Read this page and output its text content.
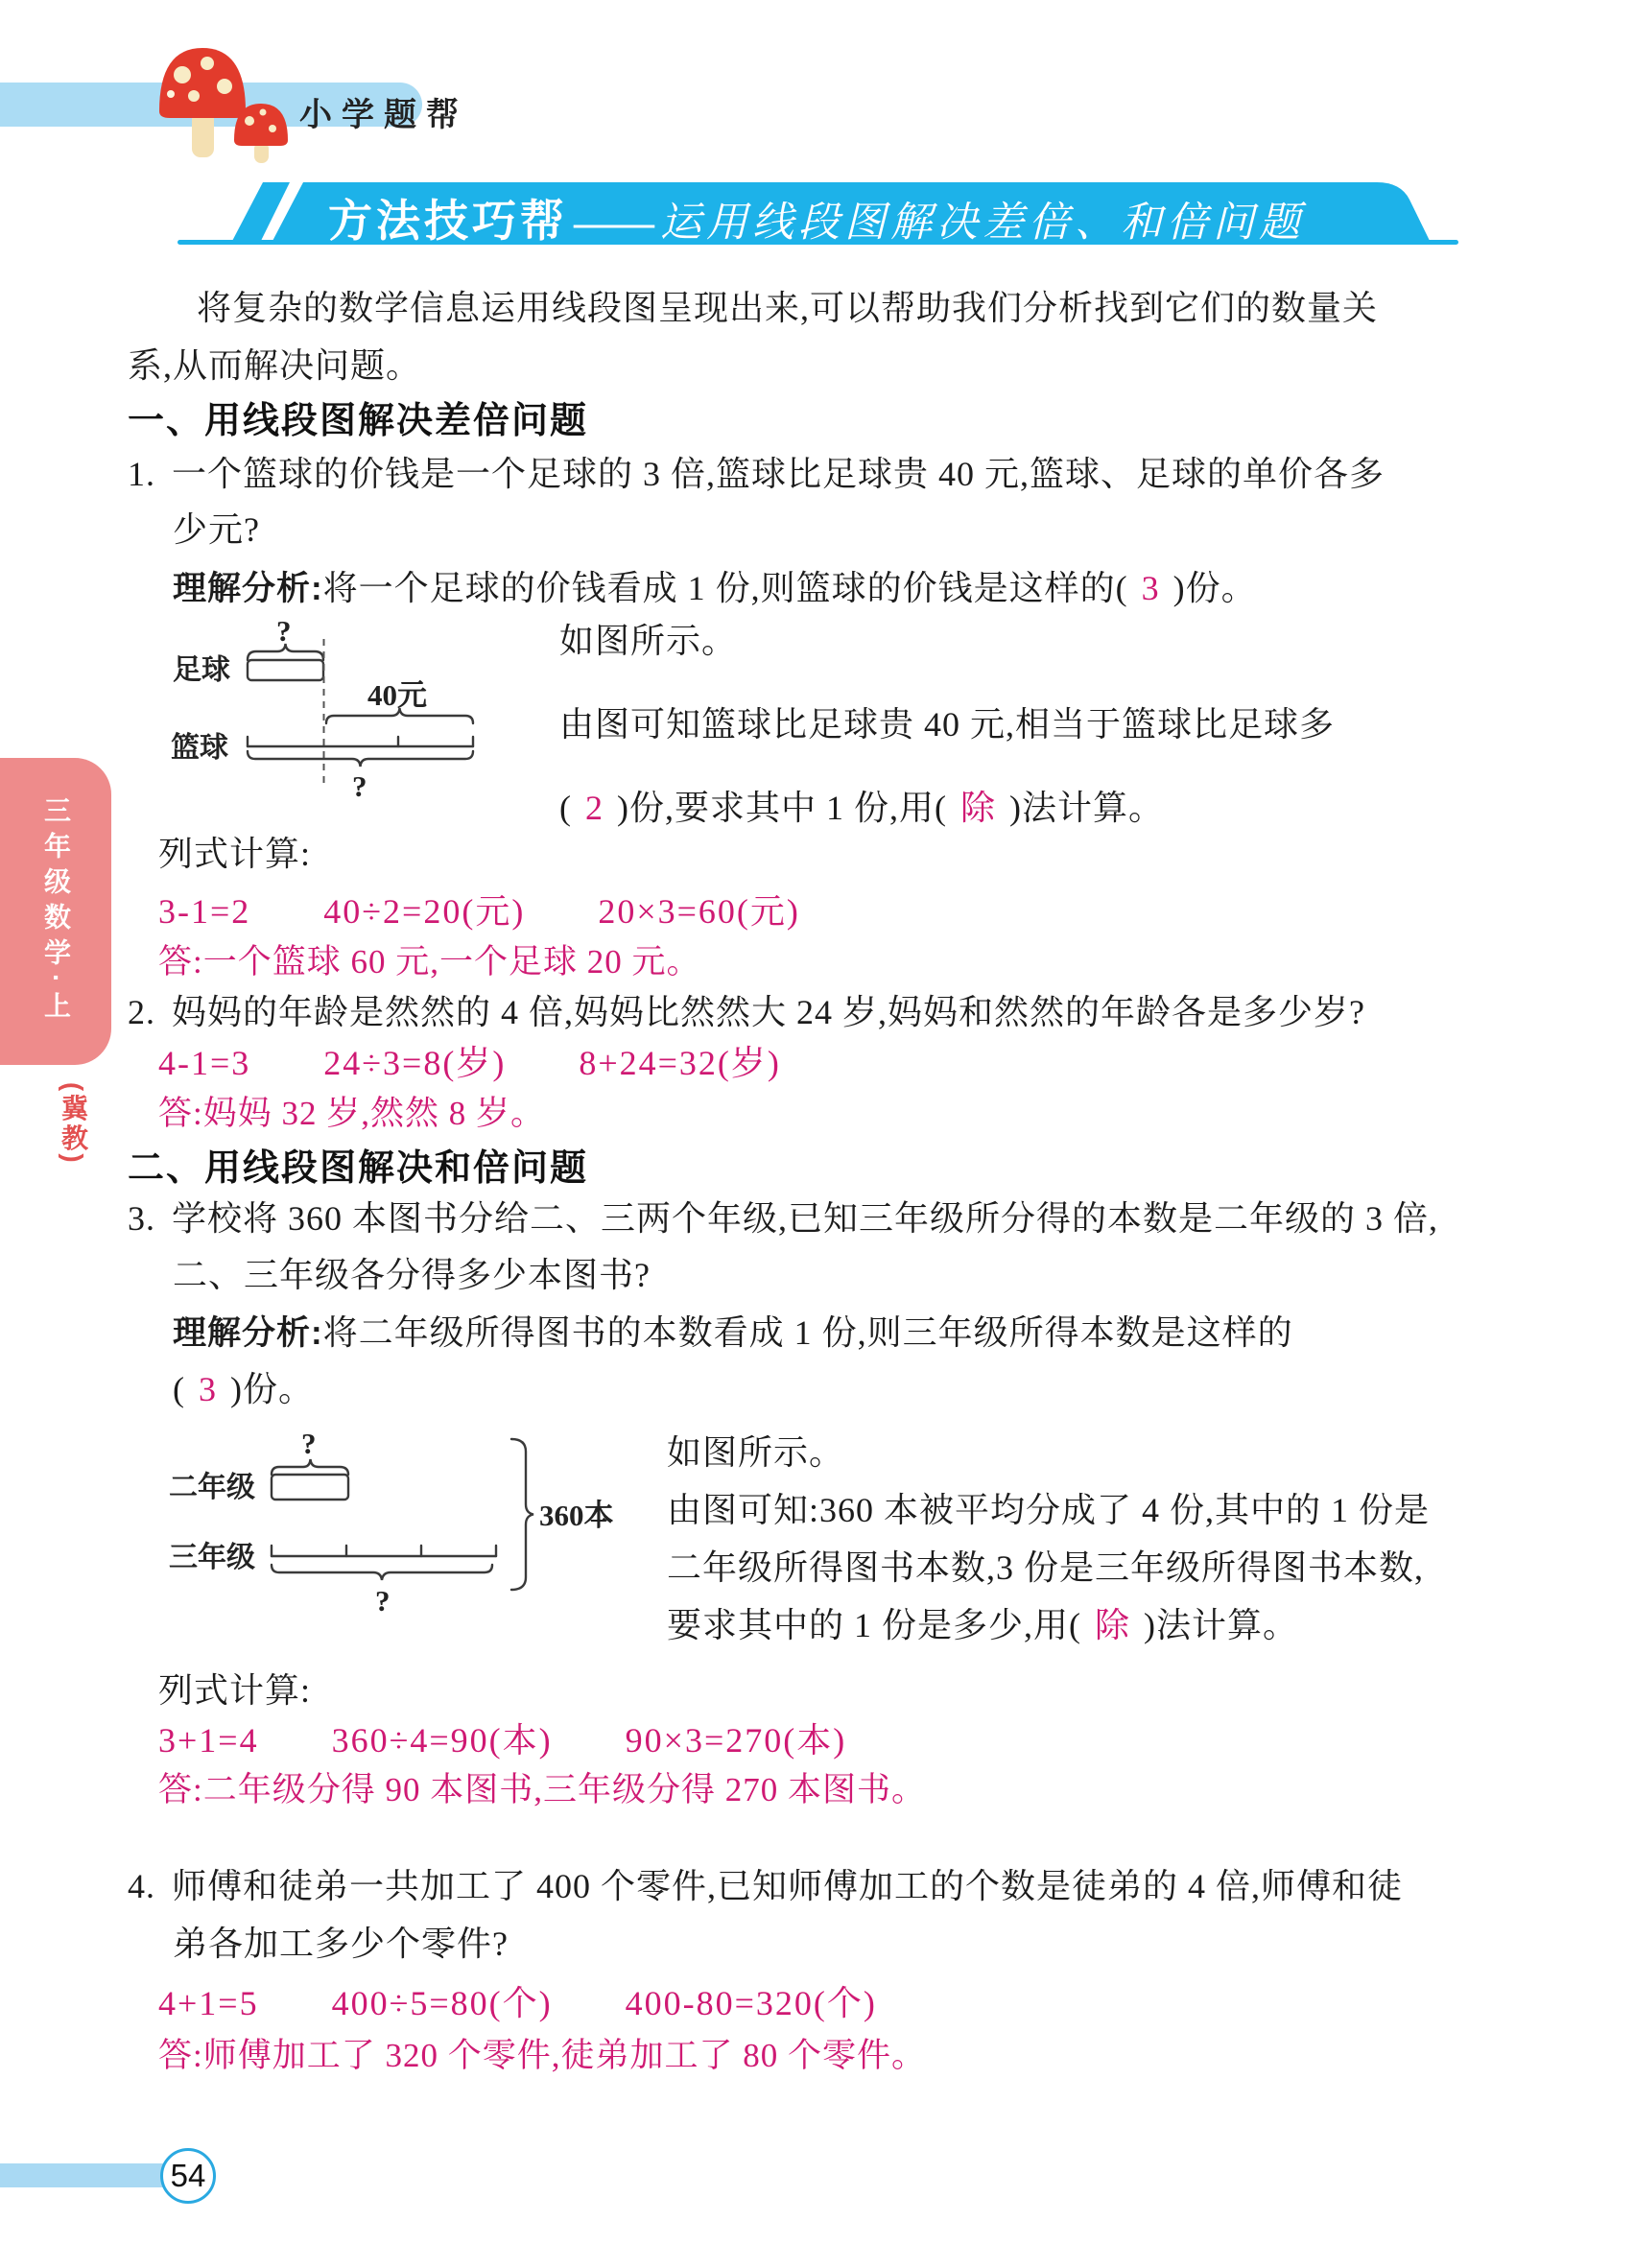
小学题帮
方法技巧帮 —— 运用线段图解决差倍、和倍问题
将复杂的数学信息运用线段图呈现出来,可以帮助我们分析找到它们的数量关
系,从而解决问题。
一、用线段图解决差倍问题
1. 一个篮球的价钱是一个足球的 3 倍,篮球比足球贵 40 元,篮球、足球的单价各多
少元?
理解分析:将一个足球的价钱看成 1 份,则篮球的价钱是这样的( 3 )份。
足球
?
40元
篮球
?
如图所示。
由图可知篮球比足球贵 40 元,相当于篮球比足球多
( 2 )份,要求其中 1 份,用( 除 )法计算。
列式计算:
3-1=2　　40÷2=20(元)　　20×3=60(元)
答:一个篮球 60 元,一个足球 20 元。
2. 妈妈的年龄是然然的 4 倍,妈妈比然然大 24 岁,妈妈和然然的年龄各是多少岁?
4-1=3　　24÷3=8(岁)　　8+24=32(岁)
答:妈妈 32 岁,然然 8 岁。
二、用线段图解决和倍问题
3. 学校将 360 本图书分给二、三两个年级,已知三年级所分得的本数是二年级的 3 倍,
二、三年级各分得多少本图书?
理解分析:将二年级所得图书的本数看成 1 份,则三年级所得本数是这样的
( 3 )份。
?
二年级
三年级
?
360本
如图所示。
由图可知:360 本被平均分成了 4 份,其中的 1 份是
二年级所得图书本数,3 份是三年级所得图书本数,
要求其中的 1 份是多少,用( 除 )法计算。
列式计算:
3+1=4　　360÷4=90(本)　　90×3=270(本)
答:二年级分得 90 本图书,三年级分得 270 本图书。
4. 师傅和徒弟一共加工了 400 个零件,已知师傅加工的个数是徒弟的 4 倍,师傅和徒
弟各加工多少个零件?
4+1=5　　400÷5=80(个)　　400-80=320(个)
答:师傅加工了 320 个零件,徒弟加工了 80 个零件。
三年级数学·上
(冀教)
54
